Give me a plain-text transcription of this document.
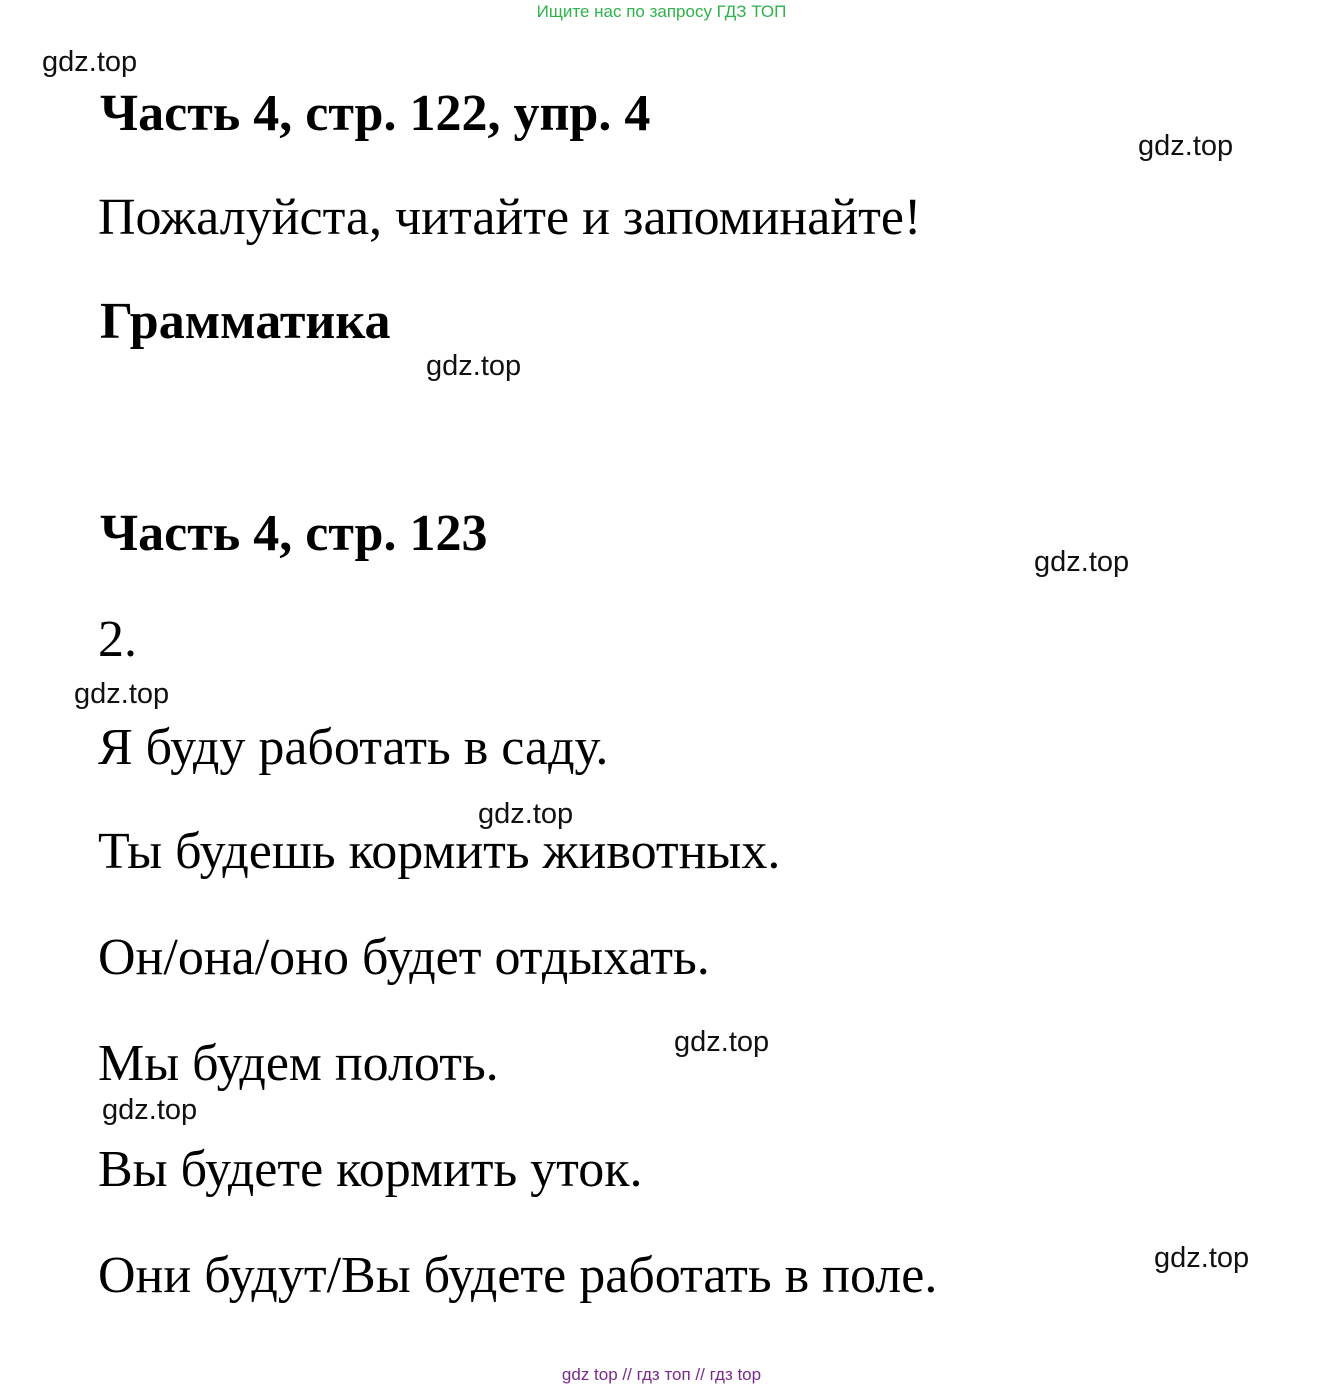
Ищите нас по запросу ГДЗ ТОП
gdz.top
Часть 4, стр. 122, упр. 4
gdz.top
Пожалуйста, читайте и запоминайте!
Грамматика
gdz.top
Часть 4, стр. 123	gdz.top
2.
gdz.top
Я буду работать в саду.
gdz.top
Ты будешь кормить животных.
Он/она/оно будет отдыхать.
gdz.top
Мы будем полоть.
gdz.top
Вы будете кормить уток.
gdz.top
Они будут/Вы будете работать в поле.
gdz top // гдз топ // гдз top
